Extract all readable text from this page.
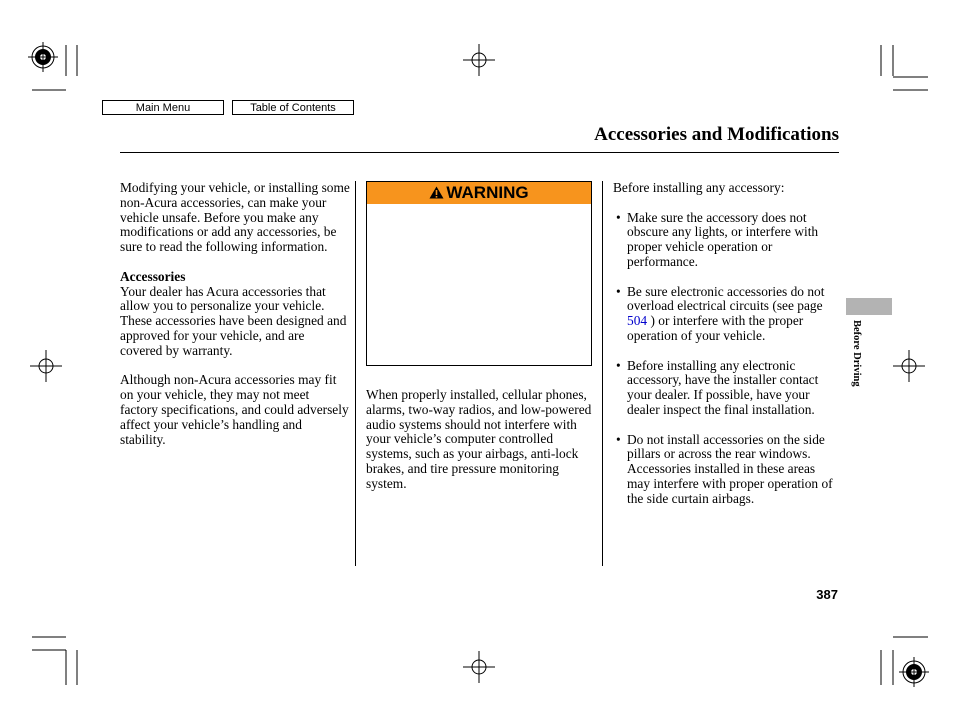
Main Menu	Table of Contents
Accessories and Modifications

Modifying your vehicle, or installing some non-Acura accessories, can make your vehicle unsafe. Before you make any modifications or add any accessories, be sure to read the following information.

Accessories

Your dealer has Acura accessories that allow you to personalize your vehicle. These accessories have been designed and approved for your vehicle, and are covered by warranty.

Although non-Acura accessories may fit on your vehicle, they may not meet factory specifications, and could adversely affect your vehicle’s handling and stability.

WARNING

When properly installed, cellular phones, alarms, two-way radios, and low-powered audio systems should not interfere with your vehicle’s computer controlled systems, such as your airbags, anti-lock brakes, and tire pressure monitoring system.

Before installing any accessory:

• Make sure the accessory does not obscure any lights, or interfere with proper vehicle operation or performance.
• Be sure electronic accessories do not overload electrical circuits (see page 504 ) or interfere with the proper operation of your vehicle.
• Before installing any electronic accessory, have the installer contact your dealer. If possible, have your dealer inspect the final installation.
• Do not install accessories on the side pillars or across the rear windows. Accessories installed in these areas may interfere with proper operation of the side curtain airbags.
Before Driving
387
